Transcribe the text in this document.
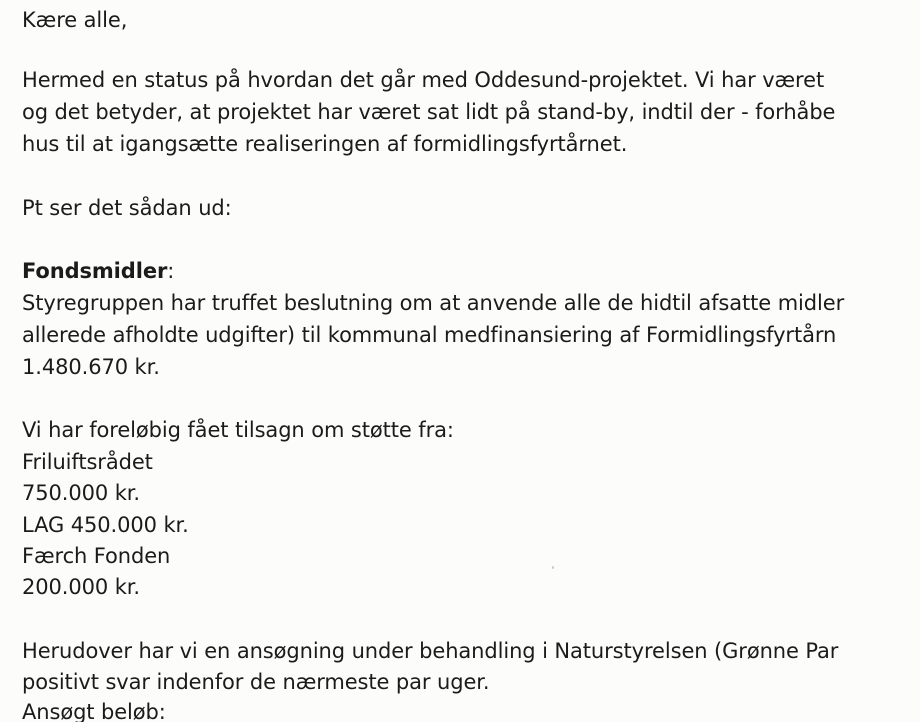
Kære alle,
Hermed en status på hvordan det går med Oddesund-projektet. Vi har været
og det betyder, at projektet har været sat lidt på stand-by, indtil der - forhåbe
hus til at igangsætte realiseringen af formidlingsfyrtårnet.
Pt ser det sådan ud:
Fondsmidler:
Styregruppen har truffet beslutning om at anvende alle de hidtil afsatte midler
allerede afholdte udgifter) til kommunal medfinansiering af Formidlingsfyrtårn
1.480.670 kr.
Vi har foreløbig fået tilsagn om støtte fra:
Friluiftsrådet
750.000 kr.
LAG 450.000 kr.
Færch Fonden
200.000 kr.
Herudover har vi en ansøgning under behandling i Naturstyrelsen (Grønne Par
positivt svar indenfor de nærmeste par uger.
Ansøgt beløb:
